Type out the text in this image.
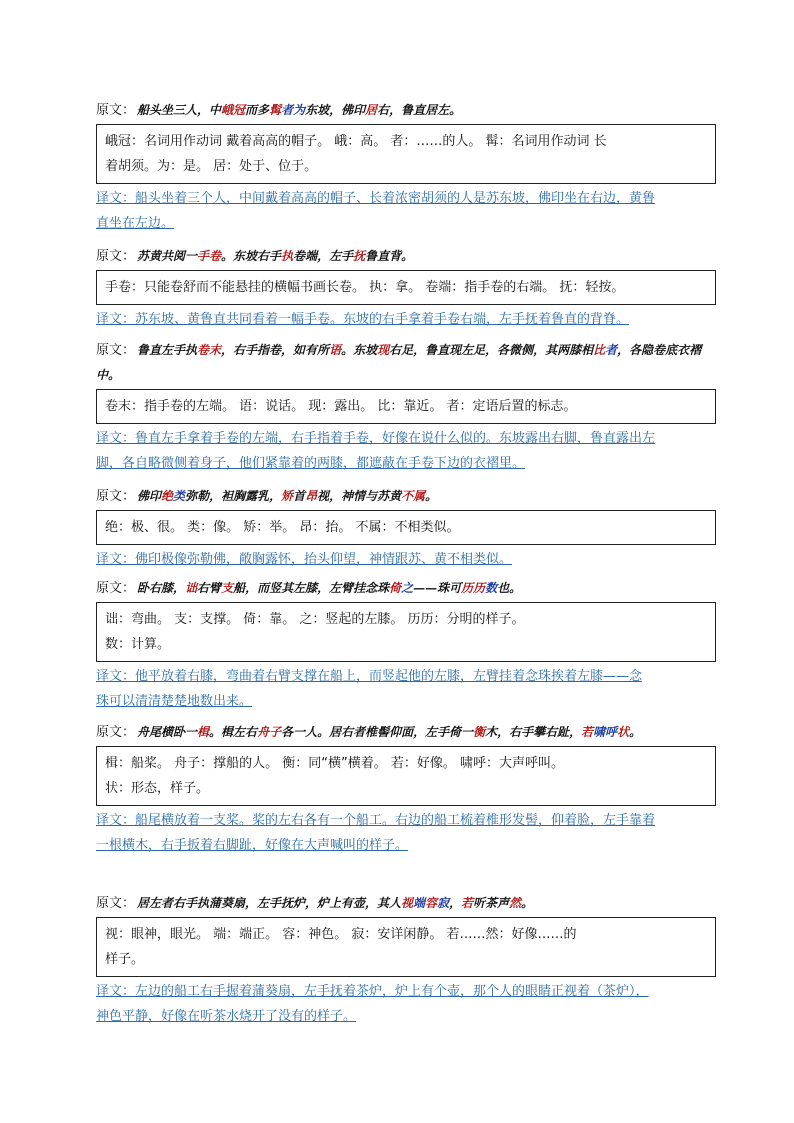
原文： 船头坐三人，中峨冠而多髯者为东坡，佛印居右，鲁直居左。
峨冠：名词用作动词 戴着高高的帽子。 峨：高。 者：……的人。 髯：名词用作动词 长
着胡须。为：是。 居：处于、位于。
译文：船头坐着三个人，中间戴着高高的帽子、长着浓密胡须的人是苏东坡，佛印坐在右边，黄鲁
直坐在左边。
原文： 苏黄共阅一手卷。东坡右手执卷端，左手抚鲁直背。
手卷：只能卷舒而不能悬挂的横幅书画长卷。 执：拿。 卷端：指手卷的右端。 抚：轻按。
译文：苏东坡、黄鲁直共同看着一幅手卷。东坡的右手拿着手卷右端，左手抚着鲁直的背脊。
原文： 鲁直左手执卷末，右手指卷，如有所语。东坡现右足，鲁直现左足，各微侧，其两膝相比者，各隐卷底衣褶中。
卷末：指手卷的左端。 语：说话。 现：露出。 比：靠近。 者：定语后置的标志。
译文：鲁直左手拿着手卷的左端，右手指着手卷，好像在说什么似的。东坡露出右脚，鲁直露出左
脚，各自略微侧着身子，他们紧靠着的两膝，都遮蔽在手卷下边的衣褶里。
原文： 佛印绝类弥勒，袒胸露乳，矫首昂视，神情与苏黄不属。
绝：极、很。 类：像。 矫：举。 昂：抬。 不属：不相类似。
译文：佛印极像弥勒佛，敞胸露怀，抬头仰望，神情跟苏、黄不相类似。
原文： 卧右膝，诎右臂支船，而竖其左膝，左臂挂念珠倚之——珠可历历数也。
诎：弯曲。 支：支撑。 倚：靠。 之：竖起的左膝。 历历：分明的样子。
数：计算。
译文：他平放着右膝，弯曲着右臂支撑在船上，而竖起他的左膝，左臂挂着念珠挨着左膝——念
珠可以清清楚楚地数出来。
原文： 舟尾横卧一楫。楫左右舟子各一人。居右者椎髻仰面，左手倚一衡木，右手攀右趾，若啸呼状。
楫：船桨。 舟子：撑船的人。 衡：同“横”横着。 若：好像。 啸呼：大声呼叫。
状：形态，样子。
译文：船尾横放着一支桨。桨的左右各有一个船工。右边的船工梳着椎形发髻，仰着脸，左手靠着
一根横木，右手扳着右脚趾，好像在大声喊叫的样子。
原文： 居左者右手执蒲葵扇，左手抚炉，炉上有壶，其人视端容寂，若听茶声然。
视：眼神，眼光。 端：端正。 容：神色。 寂：安详闲静。 若……然：好像……的
样子。
译文：左边的船工右手握着蒲葵扇，左手抚着茶炉，炉上有个壶，那个人的眼睛正视着（茶炉），
神色平静，好像在听茶水烧开了没有的样子。
